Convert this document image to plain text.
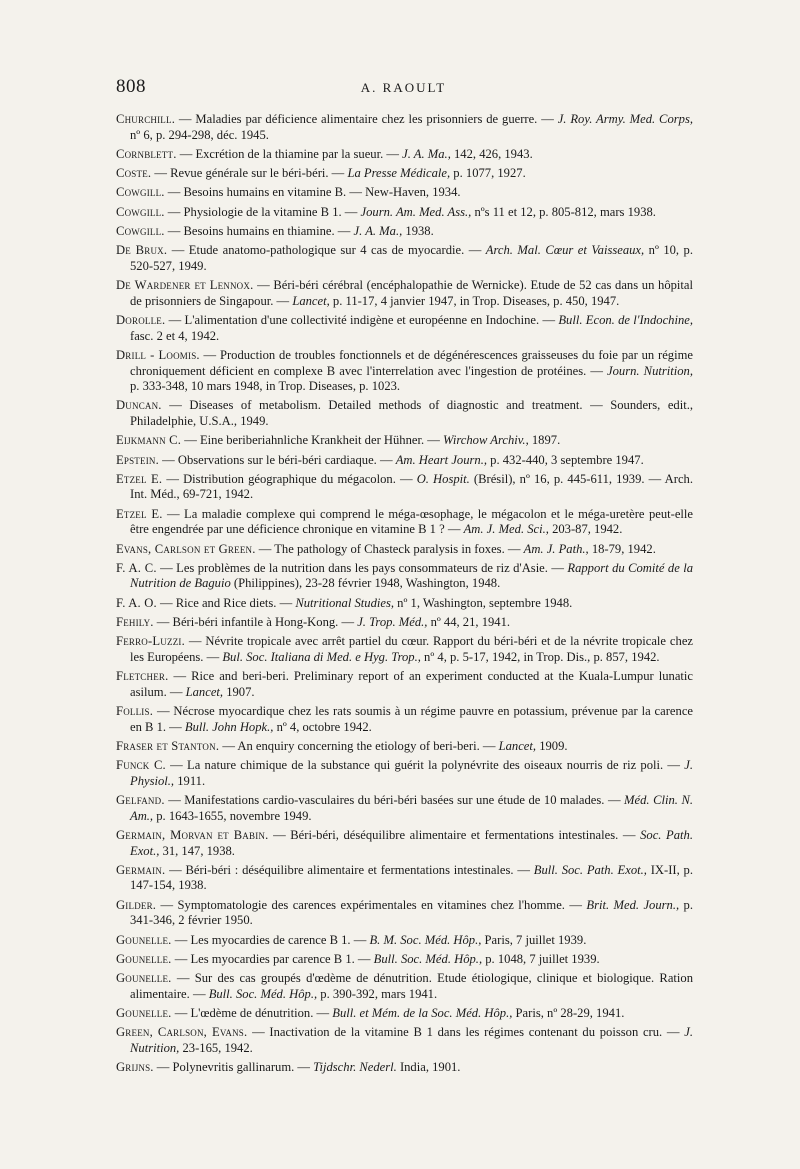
808	A. RAOULT

Churchill. — Maladies par déficience alimentaire chez les prisonniers de guerre. — J. Roy. Army. Med. Corps, nº 6, p. 294-298, déc. 1945.

Cornblett. — Excrétion de la thiamine par la sueur. — J. A. Ma., 142, 426, 1943.

Coste. — Revue générale sur le béri-béri. — La Presse Médicale, p. 1077, 1927.

Cowgill. — Besoins humains en vitamine B. — New-Haven, 1934.

Cowgill. — Physiologie de la vitamine B 1. — Journ. Am. Med. Ass., nºs 11 et 12, p. 805-812, mars 1938.

Cowgill. — Besoins humains en thiamine. — J. A. Ma., 1938.

De Brux. — Etude anatomo-pathologique sur 4 cas de myocardie. — Arch. Mal. Cœur et Vaisseaux, nº 10, p. 520-527, 1949.

De Wardener et Lennox. — Béri-béri cérébral (encéphalopathie de Wernicke). Etude de 52 cas dans un hôpital de prisonniers de Singapour. — Lancet, p. 11-17, 4 janvier 1947, in Trop. Diseases, p. 450, 1947.

Dorolle. — L'alimentation d'une collectivité indigène et européenne en Indochine. — Bull. Econ. de l'Indochine, fasc. 2 et 4, 1942.

Drill - Loomis. — Production de troubles fonctionnels et de dégénérescences graisseuses du foie par un régime chroniquement déficient en complexe B avec l'interrelation avec l'ingestion de protéines. — Journ. Nutrition, p. 333-348, 10 mars 1948, in Trop. Diseases, p. 1023.

Duncan. — Diseases of metabolism. Detailed methods of diagnostic and treatment. — Sounders, edit., Philadelphie, U.S.A., 1949.

Eijkmann C. — Eine beriberiahnliche Krankheit der Hühner. — Wirchow Archiv., 1897.

Epstein. — Observations sur le béri-béri cardiaque. — Am. Heart Journ., p. 432-440, 3 septembre 1947.

Etzel E. — Distribution géographique du mégacolon. — O. Hospit. (Brésil), nº 16, p. 445-611, 1939. — Arch. Int. Méd., 69-721, 1942.

Etzel E. — La maladie complexe qui comprend le méga-œsophage, le mégacolon et le méga-uretère peut-elle être engendrée par une déficience chronique en vitamine B 1 ? — Am. J. Med. Sci., 203-87, 1942.

Evans, Carlson et Green. — The pathology of Chasteck paralysis in foxes. — Am. J. Path., 18-79, 1942.

F. A. C. — Les problèmes de la nutrition dans les pays consommateurs de riz d'Asie. — Rapport du Comité de la Nutrition de Baguio (Philippines), 23-28 février 1948, Washington, 1948.

F. A. O. — Rice and Rice diets. — Nutritional Studies, nº 1, Washington, septembre 1948.

Fehily. — Béri-béri infantile à Hong-Kong. — J. Trop. Méd., nº 44, 21, 1941.

Ferro-Luzzi. — Névrite tropicale avec arrêt partiel du cœur. Rapport du béri-béri et de la névrite tropicale chez les Européens. — Bul. Soc. Italiana di Med. e Hyg. Trop., nº 4, p. 5-17, 1942, in Trop. Dis., p. 857, 1942.

Fletcher. — Rice and beri-beri. Preliminary report of an experiment conducted at the Kuala-Lumpur lunatic asilum. — Lancet, 1907.

Follis. — Nécrose myocardique chez les rats soumis à un régime pauvre en potassium, prévenue par la carence en B 1. — Bull. John Hopk., nº 4, octobre 1942.

Fraser et Stanton. — An enquiry concerning the etiology of beri-beri. — Lancet, 1909.

Funck C. — La nature chimique de la substance qui guérit la polynévrite des oiseaux nourris de riz poli. — J. Physiol., 1911.

Gelfand. — Manifestations cardio-vasculaires du béri-béri basées sur une étude de 10 malades. — Méd. Clin. N. Am., p. 1643-1655, novembre 1949.

Germain, Morvan et Babin. — Béri-béri, déséquilibre alimentaire et fermentations intestinales. — Soc. Path. Exot., 31, 147, 1938.

Germain. — Béri-béri : déséquilibre alimentaire et fermentations intestinales. — Bull. Soc. Path. Exot., IX-II, p. 147-154, 1938.

Gilder. — Symptomatologie des carences expérimentales en vitamines chez l'homme. — Brit. Med. Journ., p. 341-346, 2 février 1950.

Gounelle. — Les myocardies de carence B 1. — B. M. Soc. Méd. Hôp., Paris, 7 juillet 1939.

Gounelle. — Les myocardies par carence B 1. — Bull. Soc. Méd. Hôp., p. 1048, 7 juillet 1939.

Gounelle. — Sur des cas groupés d'œdème de dénutrition. Etude étiologique, clinique et biologique. Ration alimentaire. — Bull. Soc. Méd. Hôp., p. 390-392, mars 1941.

Gounelle. — L'œdème de dénutrition. — Bull. et Mém. de la Soc. Méd. Hôp., Paris, nº 28-29, 1941.

Green, Carlson, Evans. — Inactivation de la vitamine B 1 dans les régimes contenant du poisson cru. — J. Nutrition, 23-165, 1942.

Grijns. — Polynevritis gallinarum. — Tijdschr. Nederl. India, 1901.
